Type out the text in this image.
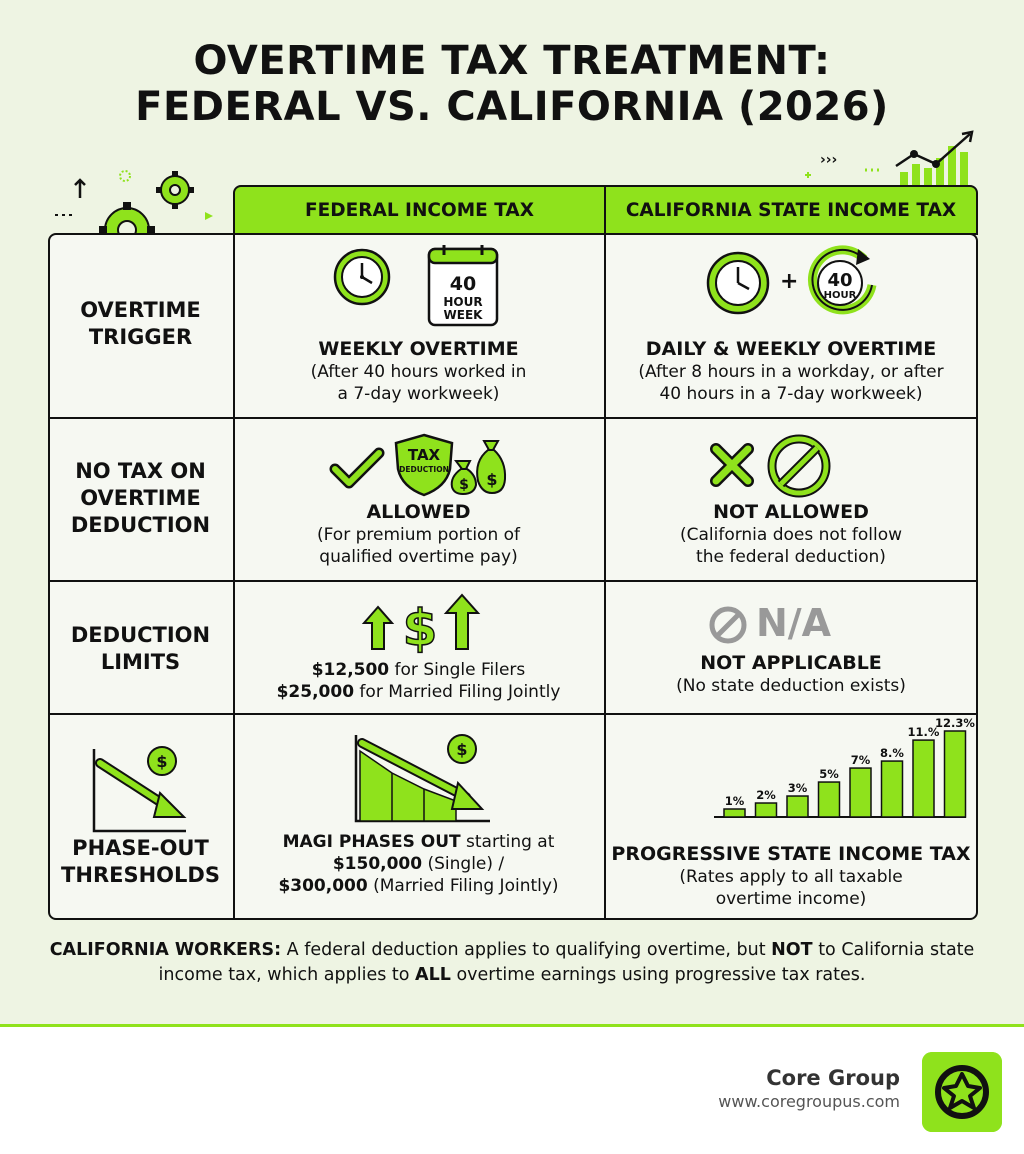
OVERTIME TAX TREATMENT:
FEDERAL VS. CALIFORNIA (2026)
›››
FEDERAL INCOME TAX	CALIFORNIA STATE INCOME TAX
OVERTIME
TRIGGER
40
HOUR
WEEK
WEEKLY OVERTIME
(After 40 hours worked in
a 7-day workweek)
+ 40
HOUR
DAILY & WEEKLY OVERTIME
(After 8 hours in a workday, or after
40 hours in a 7-day workweek)
NO TAX ON
OVERTIME
DEDUCTION
TAX
DEDUCTION
$
$
ALLOWED
(For premium portion of
qualified overtime pay)
NOT ALLOWED
(California does not follow
the federal deduction)
DEDUCTION
LIMITS
$
$12,500 for Single Filers
$25,000 for Married Filing Jointly
N/A
NOT APPLICABLE
(No state deduction exists)
$
PHASE-OUT
THRESHOLDS
$
MAGI PHASES OUT starting at
$150,000 (Single) /
$300,000 (Married Filing Jointly)
1% 2% 3%
5%
7% 8.%
11.%
12.3%
PROGRESSIVE STATE INCOME TAX
(Rates apply to all taxable
overtime income)
CALIFORNIA WORKERS: A federal deduction applies to qualifying overtime, but NOT to California state income tax, which applies to ALL overtime earnings using progressive tax rates.
Core Group
www.coregroupus.com
